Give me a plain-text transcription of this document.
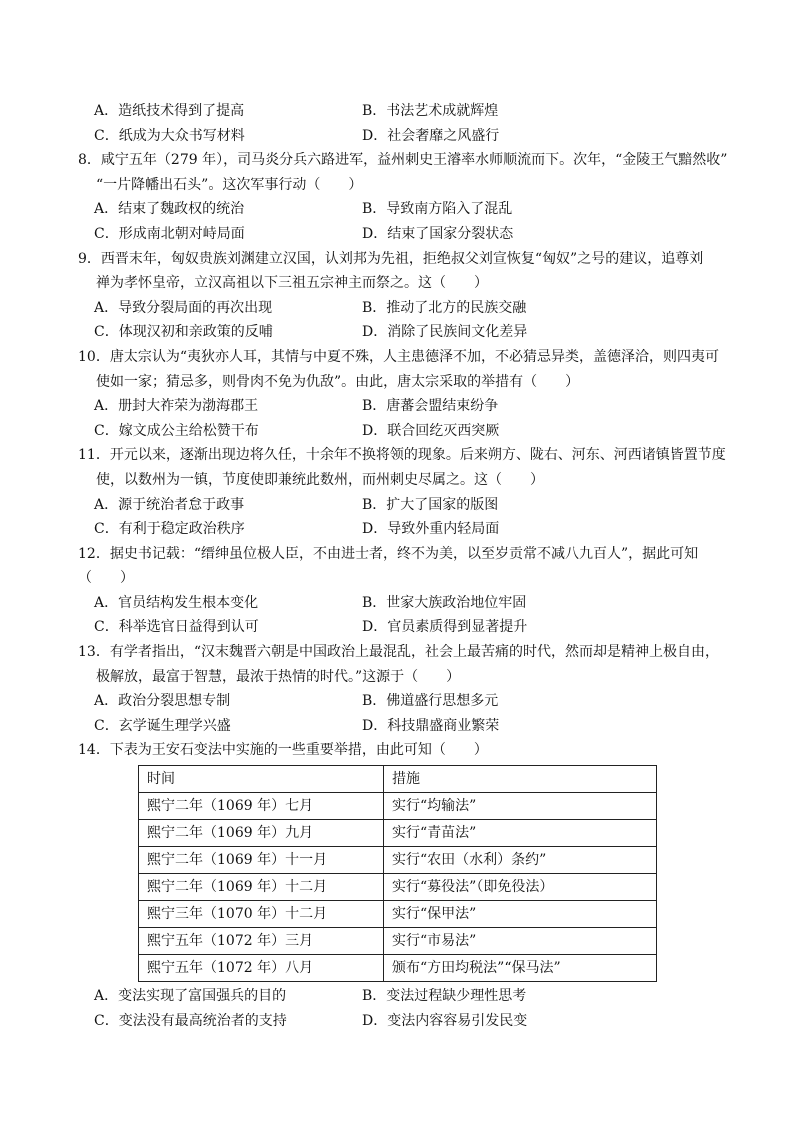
A．造纸技术得到了提高	B．书法艺术成就辉煌
C．纸成为大众书写材料	D．社会奢靡之风盛行
8．咸宁五年（279 年），司马炎分兵六路进军，益州刺史王濬率水师顺流而下。次年，“金陵王气黯然收”
“一片降幡出石头”。这次军事行动（　　）
A．结束了魏政权的统治	B．导致南方陷入了混乱
C．形成南北朝对峙局面	D．结束了国家分裂状态
9．西晋末年，匈奴贵族刘渊建立汉国，认刘邦为先祖，拒绝叔父刘宣恢复“匈奴”之号的建议，追尊刘
禅为孝怀皇帝，立汉高祖以下三祖五宗神主而祭之。这（　　）
A．导致分裂局面的再次出现	B．推动了北方的民族交融
C．体现汉初和亲政策的反哺	D．消除了民族间文化差异
10．唐太宗认为“夷狄亦人耳，其情与中夏不殊，人主患德泽不加，不必猜忌异类，盖德泽洽，则四夷可
使如一家；猜忌多，则骨肉不免为仇敌”。由此，唐太宗采取的举措有（　　）
A．册封大祚荣为渤海郡王	B．唐蕃会盟结束纷争
C．嫁文成公主给松赞干布	D．联合回纥灭西突厥
11．开元以来，逐渐出现边将久任，十余年不换将领的现象。后来朔方、陇右、河东、河西诸镇皆置节度
使，以数州为一镇，节度使即兼统此数州，而州刺史尽属之。这（　　）
A．源于统治者怠于政事	B．扩大了国家的版图
C．有利于稳定政治秩序	D．导致外重内轻局面
12．据史书记载：“缙绅虽位极人臣，不由进士者，终不为美，以至岁贡常不减八九百人”，据此可知（　　）
A．官员结构发生根本变化	B．世家大族政治地位牢固
C．科举选官日益得到认可	D．官员素质得到显著提升
13．有学者指出，“汉末魏晋六朝是中国政治上最混乱，社会上最苦痛的时代，然而却是精神上极自由，
极解放，最富于智慧，最浓于热情的时代。”这源于（　　）
A．政治分裂思想专制	B．佛道盛行思想多元
C．玄学诞生理学兴盛	D．科技鼎盛商业繁荣
14．下表为王安石变法中实施的一些重要举措，由此可知（　　）
时间	措施
熙宁二年（1069 年）七月	实行“均输法”
熙宁二年（1069 年）九月	实行“青苗法”
熙宁二年（1069 年）十一月	实行“农田（水利）条约”
熙宁二年（1069 年）十二月	实行“募役法”（即免役法）
熙宁三年（1070 年）十二月	实行“保甲法”
熙宁五年（1072 年）三月	实行“市易法”
熙宁五年（1072 年）八月	颁布“方田均税法”“保马法”
A．变法实现了富国强兵的目的	B．变法过程缺少理性思考
C．变法没有最高统治者的支持	D．变法内容容易引发民变
